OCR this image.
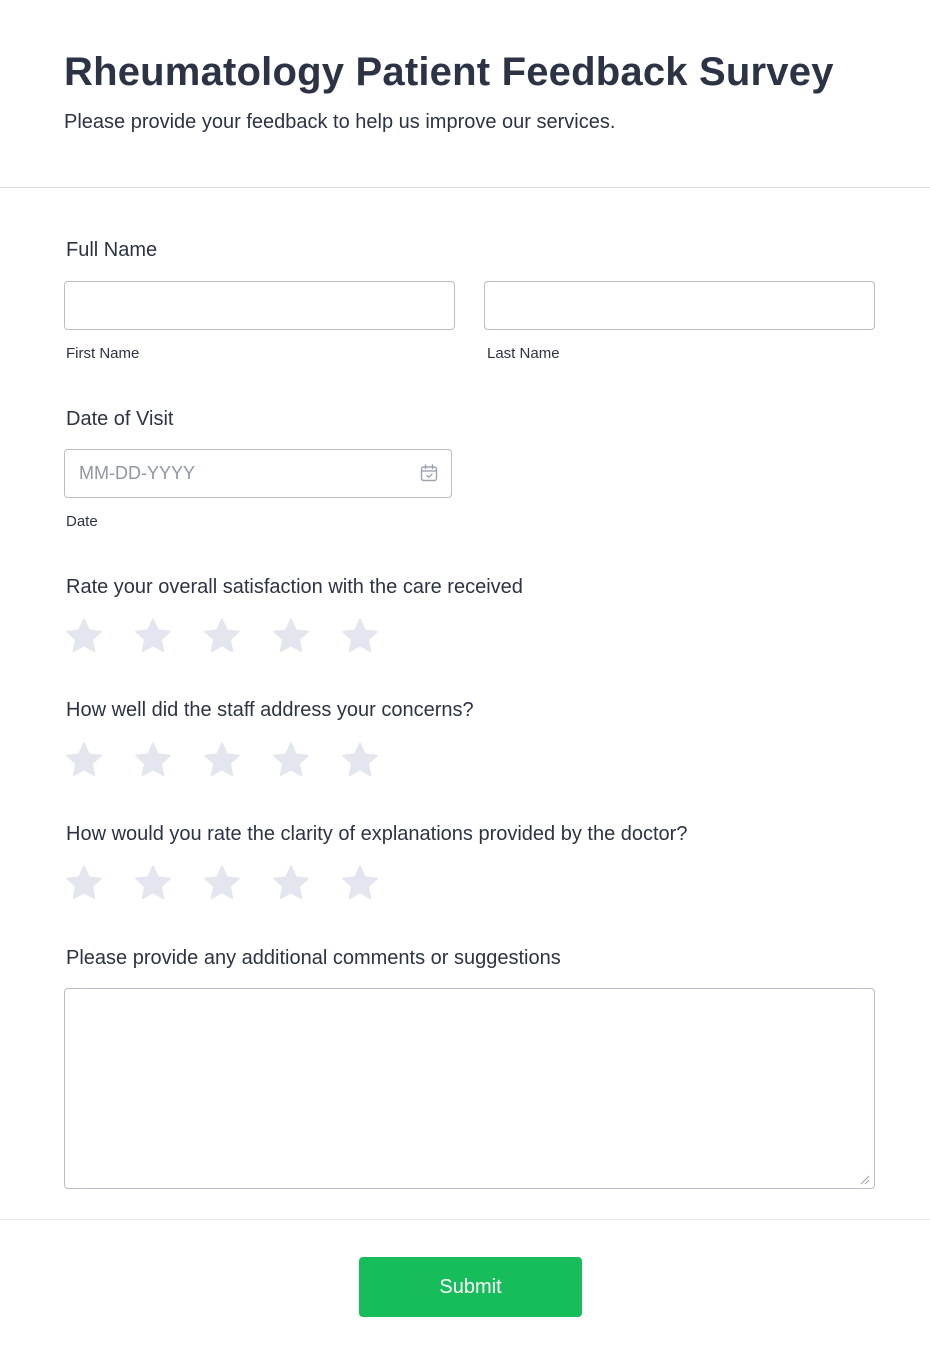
Rheumatology Patient Feedback Survey
Please provide your feedback to help us improve our services.
Full Name
First Name	Last Name
Date of Visit
MM-DD-YYYY
Date
Rate your overall satisfaction with the care received
How well did the staff address your concerns?
How would you rate the clarity of explanations provided by the doctor?
Please provide any additional comments or suggestions
Submit
